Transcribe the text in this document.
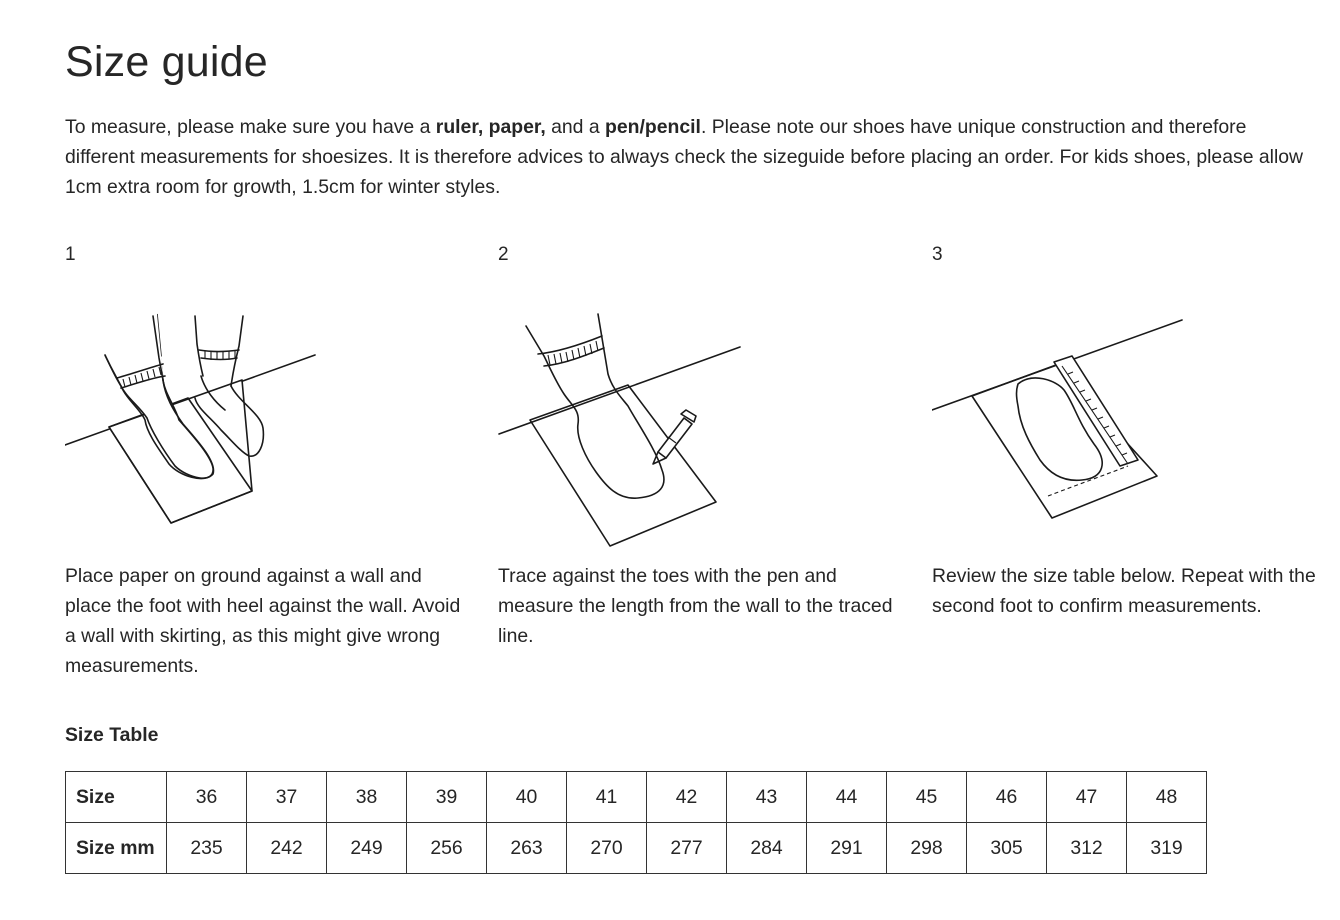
Size guide

To measure, please make sure you have a ruler, paper, and a pen/pencil. Please note our shoes have unique construction and therefore different measurements for shoesizes. It is therefore advices to always check the sizeguide before placing an order. For kids shoes, please allow 1cm extra room for growth, 1.5cm for winter styles.

1

Place paper on ground against a wall and place the foot with heel against the wall. Avoid a wall with skirting, as this might give wrong measurements.

2

Trace against the toes with the pen and measure the length from the wall to the traced line.

3

Review the size table below. Repeat with the second foot to confirm measurements.

Size Table
Size	36	37	38	39	40	41	42	43	44	45	46	47	48
Size mm	235	242	249	256	263	270	277	284	291	298	305	312	319
